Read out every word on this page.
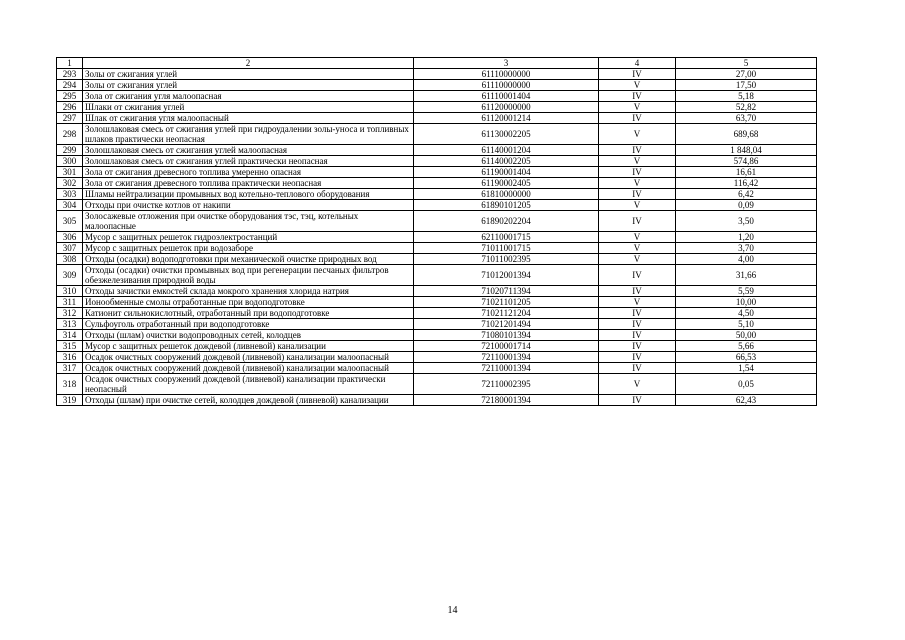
1	2	3	4	5
293	Золы от сжигания углей	61110000000	IV	27,00
294	Золы от сжигания углей	61110000000	V	17,50
295	Зола от сжигания угля малоопасная	61110001404	IV	5,18
296	Шлаки от сжигания углей	61120000000	V	52,82
297	Шлак от сжигания угля малоопасный	61120001214	IV	63,70
298	Золошлаковая смесь от сжигания углей при гидроудалении золы-уноса и топливных шлаков практически неопасная	61130002205	V	689,68
299	Золошлаковая смесь от сжигания углей малоопасная	61140001204	IV	1 848,04
300	Золошлаковая смесь от сжигания углей практически неопасная	61140002205	V	574,86
301	Зола от сжигания древесного топлива умеренно опасная	61190001404	IV	16,61
302	Зола от сжигания древесного топлива практически неопасная	61190002405	V	116,42
303	Шламы нейтрализации промывных вод котельно-теплового оборудования	61810000000	IV	6,42
304	Отходы при очистке котлов от накипи	61890101205	V	0,09
305	Золосажевые отложения при очистке оборудования тэс, тэц, котельных малоопасные	61890202204	IV	3,50
306	Мусор с защитных решеток гидроэлектростанций	62110001715	V	1,20
307	Мусор с защитных решеток при водозаборе	71011001715	V	3,70
308	Отходы (осадки) водоподготовки при механической очистке природных вод	71011002395	V	4,00
309	Отходы (осадки) очистки промывных вод при регенерации песчаных фильтров обезжелезивания природной воды	71012001394	IV	31,66
310	Отходы зачистки емкостей склада мокрого хранения хлорида натрия	71020711394	IV	5,59
311	Ионообменные смолы отработанные при водоподготовке	71021101205	V	10,00
312	Катионит сильнокислотный, отработанный при водоподготовке	71021121204	IV	4,50
313	Сульфоуголь отработанный при водоподготовке	71021201494	IV	5,10
314	Отходы (шлам) очистки водопроводных сетей, колодцев	71080101394	IV	50,00
315	Мусор с защитных решеток дождевой (ливневой) канализации	72100001714	IV	5,66
316	Осадок очистных сооружений дождевой (ливневой) канализации малоопасный	72110001394	IV	66,53
317	Осадок очистных сооружений дождевой (ливневой) канализации малоопасный	72110001394	IV	1,54
318	Осадок очистных сооружений дождевой (ливневой) канализации практически неопасный	72110002395	V	0,05
319	Отходы (шлам) при очистке сетей, колодцев дождевой (ливневой) канализации	72180001394	IV	62,43
14
